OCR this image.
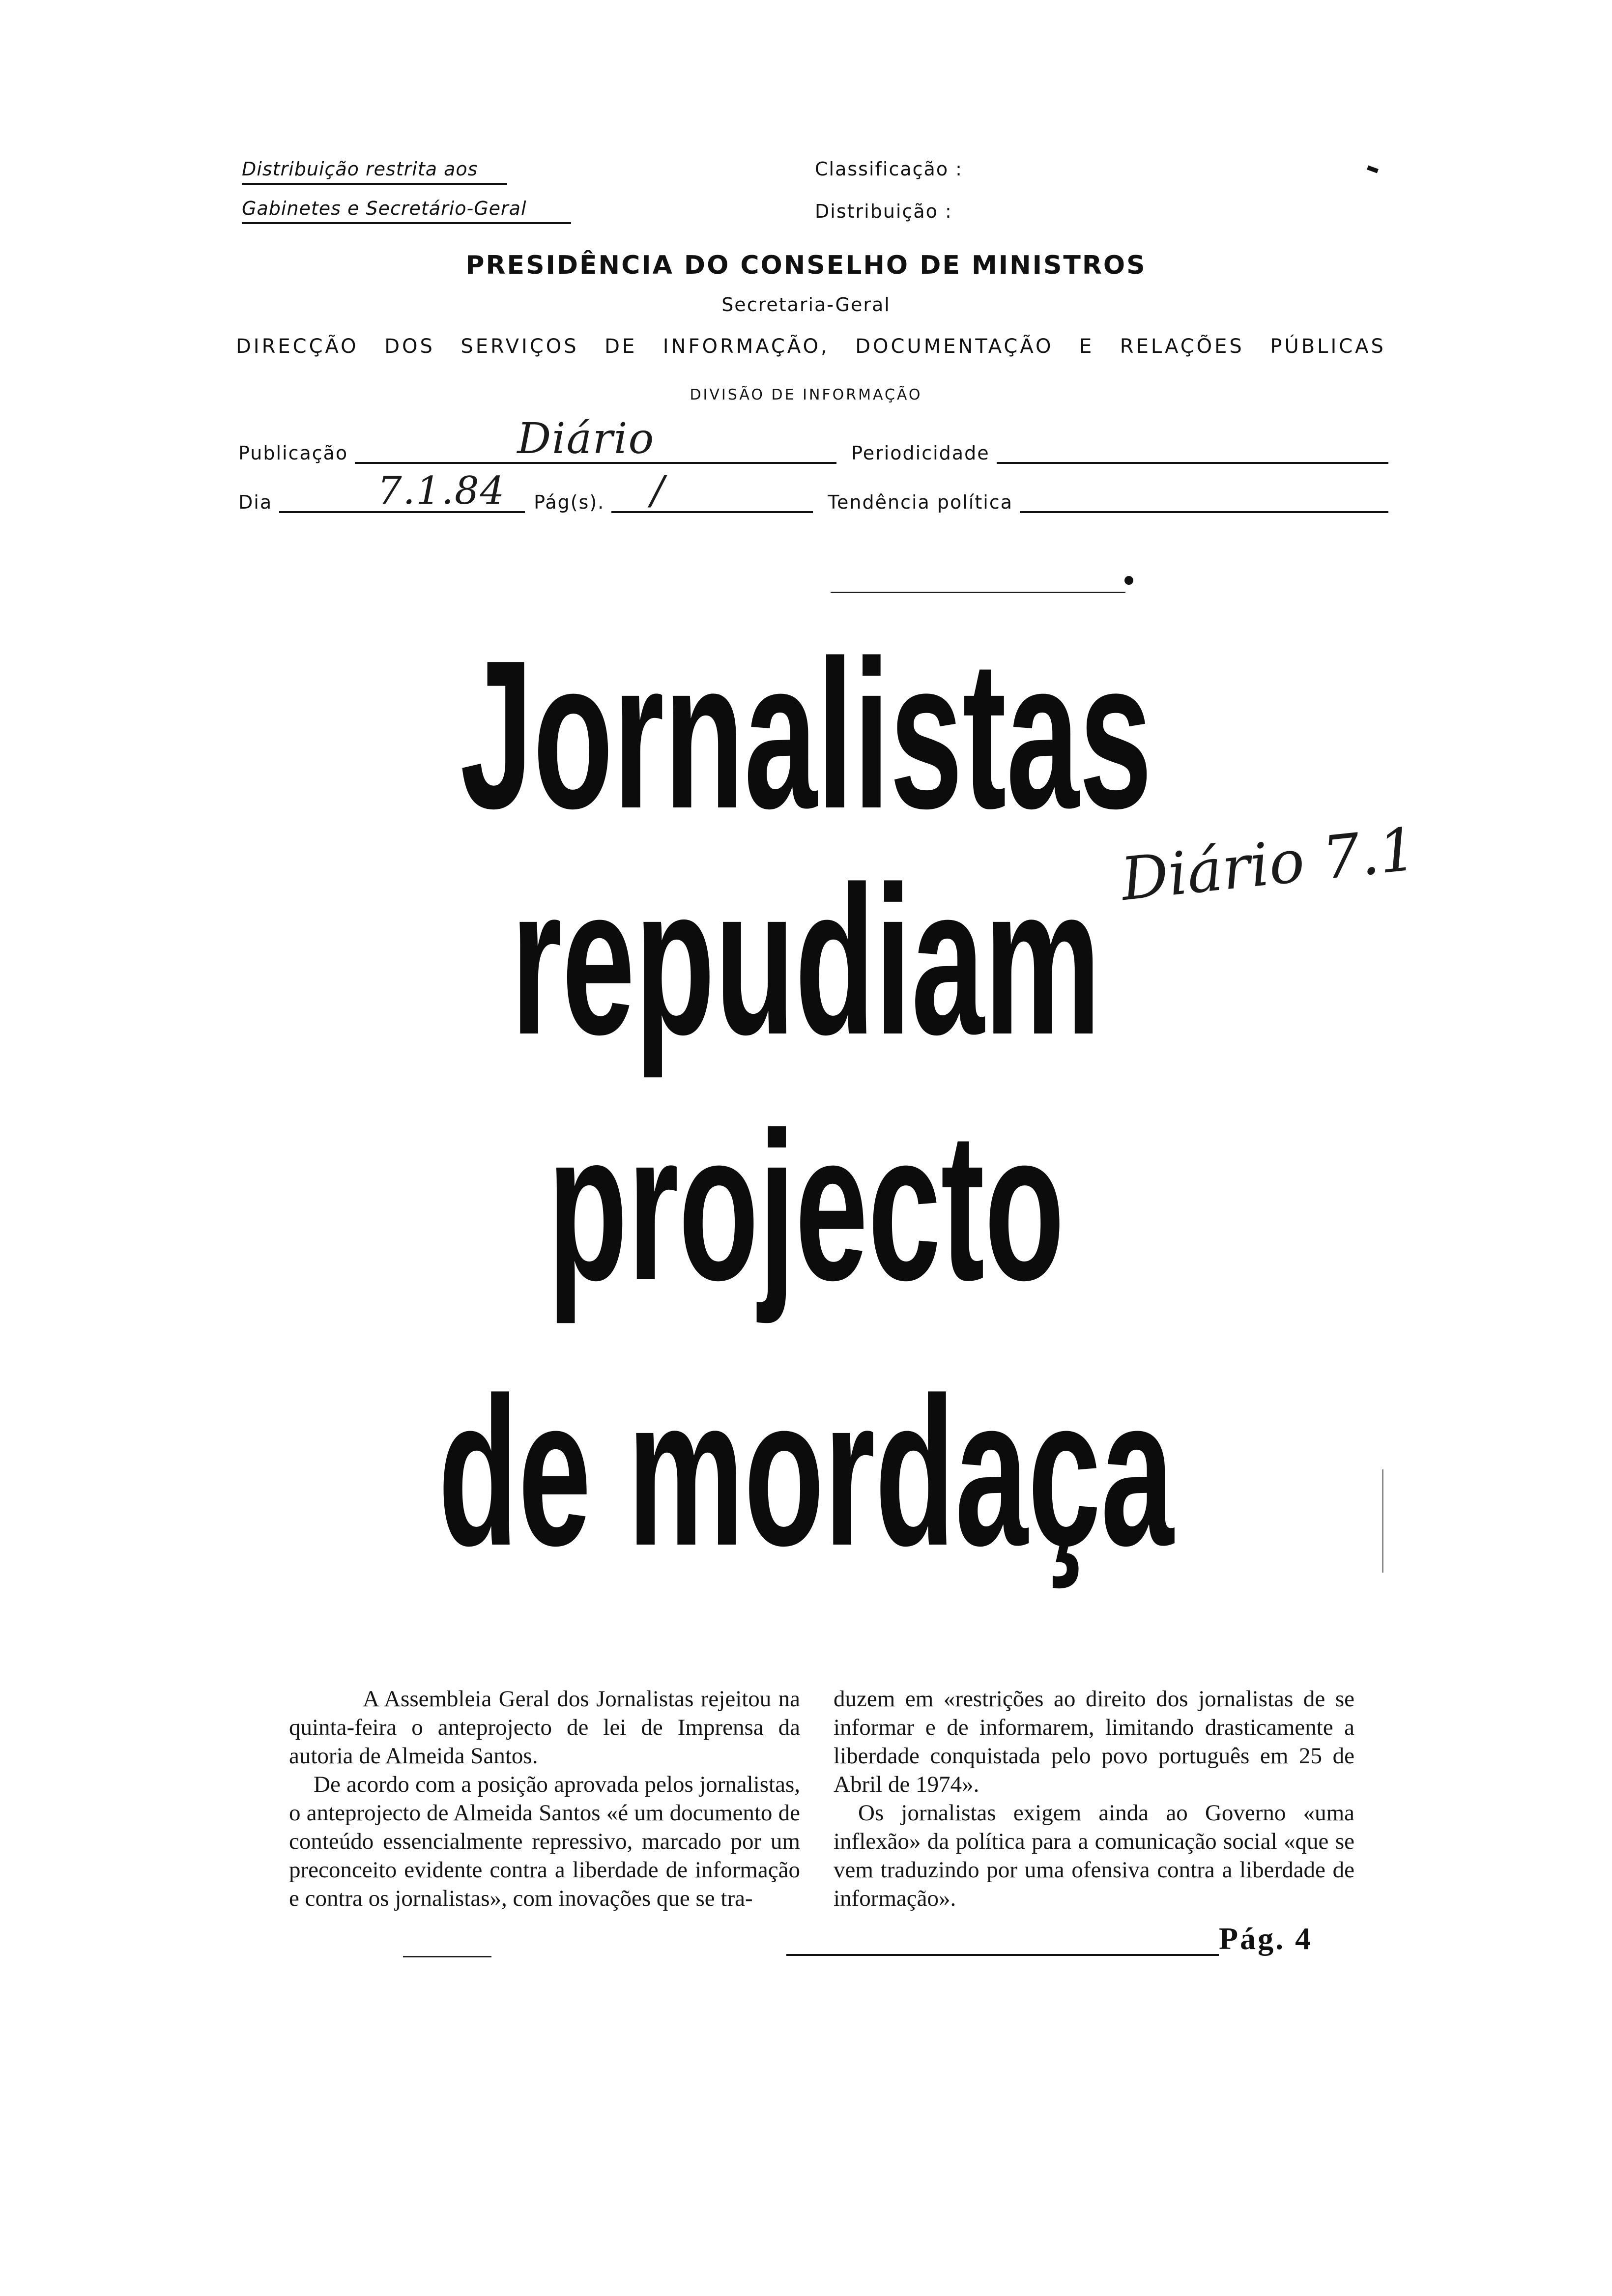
Distribuição restrita aos
Gabinetes e Secretário-Geral
Classificação :
Distribuição :
PRESIDÊNCIA DO CONSELHO DE MINISTROS
Secretaria-Geral
DIRECÇÃO DOS SERVIÇOS DE INFORMAÇÃO, DOCUMENTAÇÃO E RELAÇÕES PÚBLICAS
DIVISÃO DE INFORMAÇÃO
Publicação	Diário	Periodicidade
Dia	7.1.84 Pág(s). /	Tendência política
Jornalistas
repudiam
projecto
de mordaça
Diário 7.1

A Assembleia Geral dos Jornalistas rejeitou na quinta-feira o anteprojecto de lei de Imprensa da autoria de Almeida Santos.

De acordo com a posição aprovada pelos jornalistas, o anteprojecto de Almeida Santos «é um documento de conteúdo essencialmente repressivo, marcado por um preconceito evidente contra a liberdade de informação e contra os jornalistas», com inovações que se tra-

duzem em «restrições ao direito dos jornalistas de se informar e de informarem, limitando drasticamente a liberdade conquistada pelo povo português em 25 de Abril de 1974».

Os jornalistas exigem ainda ao Governo «uma inflexão» da política para a comunicação social «que se vem traduzindo por uma ofensiva contra a liberdade de informação».

Pág. 4
